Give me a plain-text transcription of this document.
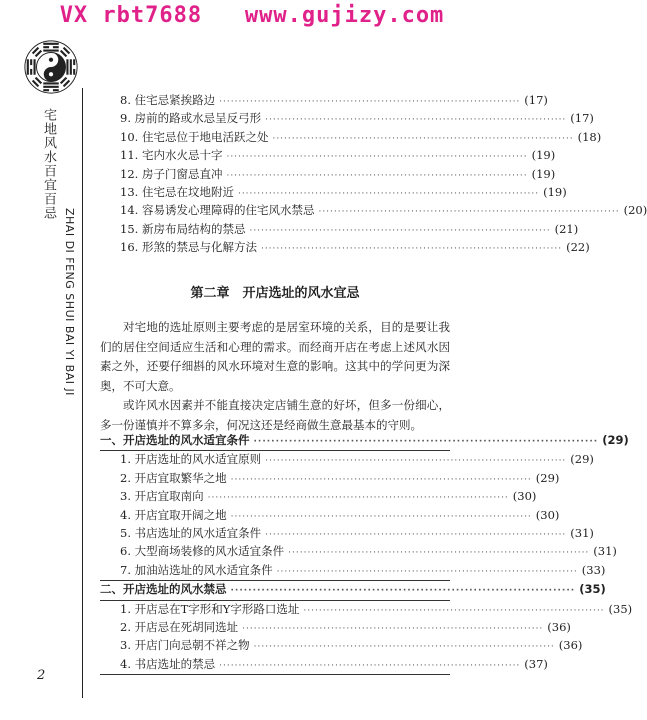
VX rbt7688   www.gujizy.com
宅地风水百宜百忌
ZHAI DI FENG SHUI BAI YI BAI JI
2
8. 住宅忌紧挨路边 ·············································································· (17)
9. 房前的路或水忌呈反弓形 ·············································································· (17)
10. 住宅忌位于地电活跃之处 ·············································································· (18)
11. 宅内水火忌十字 ·············································································· (19)
12. 房子门窗忌直冲 ·············································································· (19)
13. 住宅忌在坟地附近 ·············································································· (19)
14. 容易诱发心理障碍的住宅风水禁忌 ·············································································· (20)
15. 新房布局结构的禁忌 ·············································································· (21)
16. 形煞的禁忌与化解方法 ·············································································· (22)
第二章　开店选址的风水宜忌
对宅地的选址原则主要考虑的是居室环境的关系，目的是要让我们的居住空间适应生活和心理的需求。而经商开店在考虑上述风水因素之外，还要仔细斟的风水环境对生意的影响。这其中的学问更为深奥，不可大意。
或许风水因素并不能直接决定店铺生意的好坏，但多一份细心，多一份谨慎并不算多余，何况这还是经商做生意最基本的守则。
一、开店选址的风水适宜条件 ·············································································· (29)
1. 开店选址的风水适宜原则 ·············································································· (29)
2. 开店宜取繁华之地 ·············································································· (29)
3. 开店宜取南向 ·············································································· (30)
4. 开店宜取开阔之地 ·············································································· (30)
5. 书店选址的风水适宜条件 ·············································································· (31)
6. 大型商场装修的风水适宜条件 ·············································································· (31)
7. 加油站选址的风水适宜条件 ·············································································· (33)
二、开店选址的风水禁忌 ·············································································· (35)
1. 开店忌在T字形和Y字形路口选址 ·············································································· (35)
2. 开店忌在死胡同选址 ·············································································· (36)
3. 开店门向忌朝不祥之物 ·············································································· (36)
4. 书店选址的禁忌 ·············································································· (37)
